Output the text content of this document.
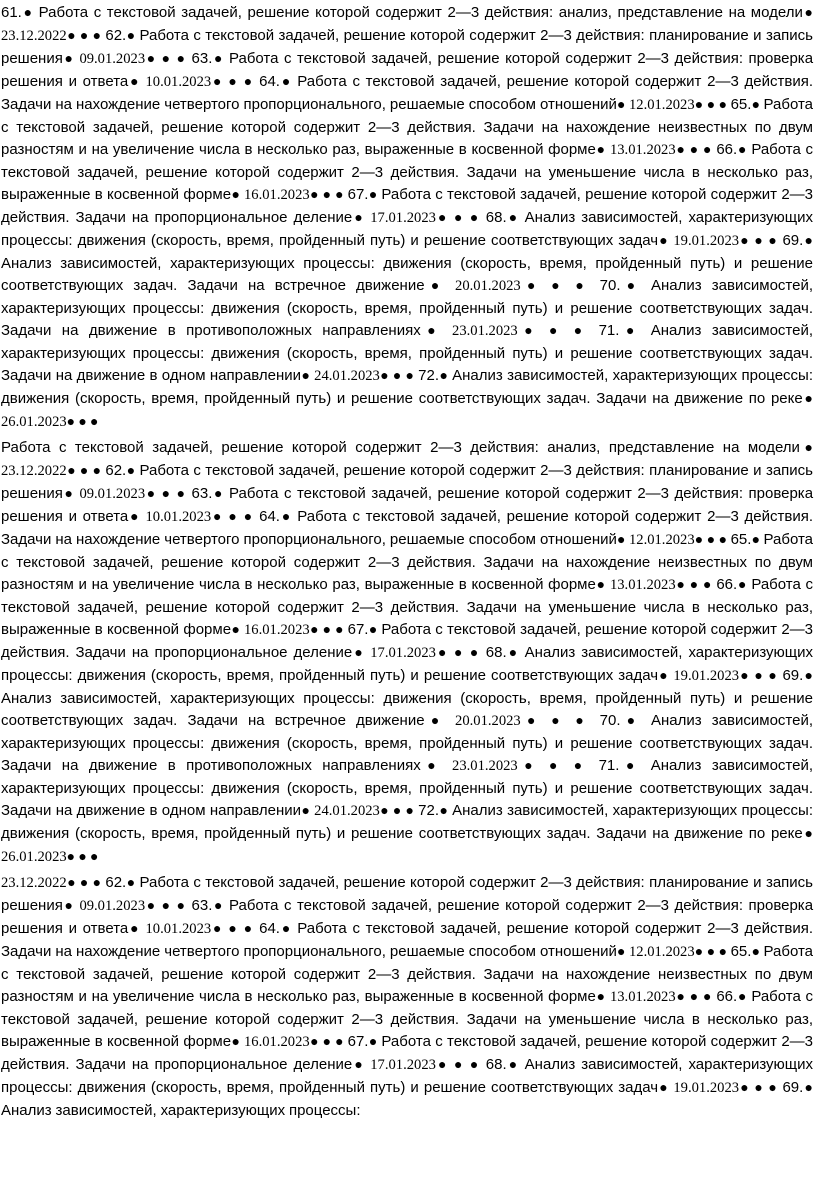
61.● Работа с текстовой задачей, решение которой содержит 2—3 действия: анализ, представление на модели● 23.12.2022● ● ● 62.● Работа с текстовой задачей, решение которой содержит 2—3 действия: планирование и запись решения● 09.01.2023● ● ● 63.● Работа с текстовой задачей, решение которой содержит 2—3 действия: проверка решения и ответа● 10.01.2023● ● ● 64.● Работа с текстовой задачей, решение которой содержит 2—3 действия. Задачи на нахождение четвертого пропорционального, решаемые способом отношений● 12.01.2023● ● ● 65.● Работа с текстовой задачей, решение которой содержит 2—3 действия. Задачи на нахождение неизвестных по двум разностям и на увеличение числа в несколько раз, выраженные в косвенной форме● 13.01.2023● ● ● 66.● Работа с текстовой задачей, решение которой содержит 2—3 действия. Задачи на уменьшение числа в несколько раз, выраженные в косвенной форме● 16.01.2023● ● ● 67.● Работа с текстовой задачей, решение которой содержит 2—3 действия. Задачи на пропорциональное деление● 17.01.2023● ● ● 68.● Анализ зависимостей, характеризующих процессы: движения (скорость, время, пройденный путь) и решение соответствующих задач● 19.01.2023● ● ● 69.● Анализ зависимостей, характеризующих процессы: движения (скорость, время, пройденный путь) и решение соответствующих задач. Задачи на встречное движение● 20.01.2023● ● ● 70.● Анализ зависимостей, характеризующих процессы: движения (скорость, время, пройденный путь) и решение соответствующих задач. Задачи на движение в противоположных направлениях● 23.01.2023● ● ● 71.● Анализ зависимостей, характеризующих процессы: движения (скорость, время, пройденный путь) и решение соответствующих задач. Задачи на движение в одном направлении● 24.01.2023● ● ● 72.● Анализ зависимостей, характеризующих процессы: движения (скорость, время, пройденный путь) и решение соответствующих задач. Задачи на движение по реке● 26.01.2023● ● ●

Работа с текстовой задачей, решение которой содержит 2—3 действия: анализ, представление на модели● 23.12.2022● ● ● 62.● Работа с текстовой задачей, решение которой содержит 2—3 действия: планирование и запись решения● 09.01.2023● ● ● 63.● Работа с текстовой задачей, решение которой содержит 2—3 действия: проверка решения и ответа● 10.01.2023● ● ● 64.● Работа с текстовой задачей, решение которой содержит 2—3 действия. Задачи на нахождение четвертого пропорционального, решаемые способом отношений● 12.01.2023● ● ● 65.● Работа с текстовой задачей, решение которой содержит 2—3 действия. Задачи на нахождение неизвестных по двум разностям и на увеличение числа в несколько раз, выраженные в косвенной форме● 13.01.2023● ● ● 66.● Работа с текстовой задачей, решение которой содержит 2—3 действия. Задачи на уменьшение числа в несколько раз, выраженные в косвенной форме● 16.01.2023● ● ● 67.● Работа с текстовой задачей, решение которой содержит 2—3 действия. Задачи на пропорциональное деление● 17.01.2023● ● ● 68.● Анализ зависимостей, характеризующих процессы: движения (скорость, время, пройденный путь) и решение соответствующих задач● 19.01.2023● ● ● 69.● Анализ зависимостей, характеризующих процессы: движения (скорость, время, пройденный путь) и решение соответствующих задач. Задачи на встречное движение● 20.01.2023● ● ● 70.● Анализ зависимостей, характеризующих процессы: движения (скорость, время, пройденный путь) и решение соответствующих задач. Задачи на движение в противоположных направлениях● 23.01.2023● ● ● 71.● Анализ зависимостей, характеризующих процессы: движения (скорость, время, пройденный путь) и решение соответствующих задач. Задачи на движение в одном направлении● 24.01.2023● ● ● 72.● Анализ зависимостей, характеризующих процессы: движения (скорость, время, пройденный путь) и решение соответствующих задач. Задачи на движение по реке● 26.01.2023● ● ●

23.12.2022● ● ● 62.● Работа с текстовой задачей, решение которой содержит 2—3 действия: планирование и запись решения● 09.01.2023● ● ● 63.● Работа с текстовой задачей, решение которой содержит 2—3 действия: проверка решения и ответа● 10.01.2023● ● ● 64.● Работа с текстовой задачей, решение которой содержит 2—3 действия. Задачи на нахождение четвертого пропорционального, решаемые способом отношений● 12.01.2023● ● ● 65.● Работа с текстовой задачей, решение которой содержит 2—3 действия. Задачи на нахождение неизвестных по двум разностям и на увеличение числа в несколько раз, выраженные в косвенной форме● 13.01.2023● ● ● 66.● Работа с текстовой задачей, решение которой содержит 2—3 действия. Задачи на уменьшение числа в несколько раз, выраженные в косвенной форме● 16.01.2023● ● ● 67.● Работа с текстовой задачей, решение которой содержит 2—3 действия. Задачи на пропорциональное деление● 17.01.2023● ● ● 68.● Анализ зависимостей, характеризующих процессы: движения (скорость, время, пройденный путь) и решение соответствующих задач● 19.01.2023● ● ● 69.● Анализ зависимостей, характеризующих процессы:
